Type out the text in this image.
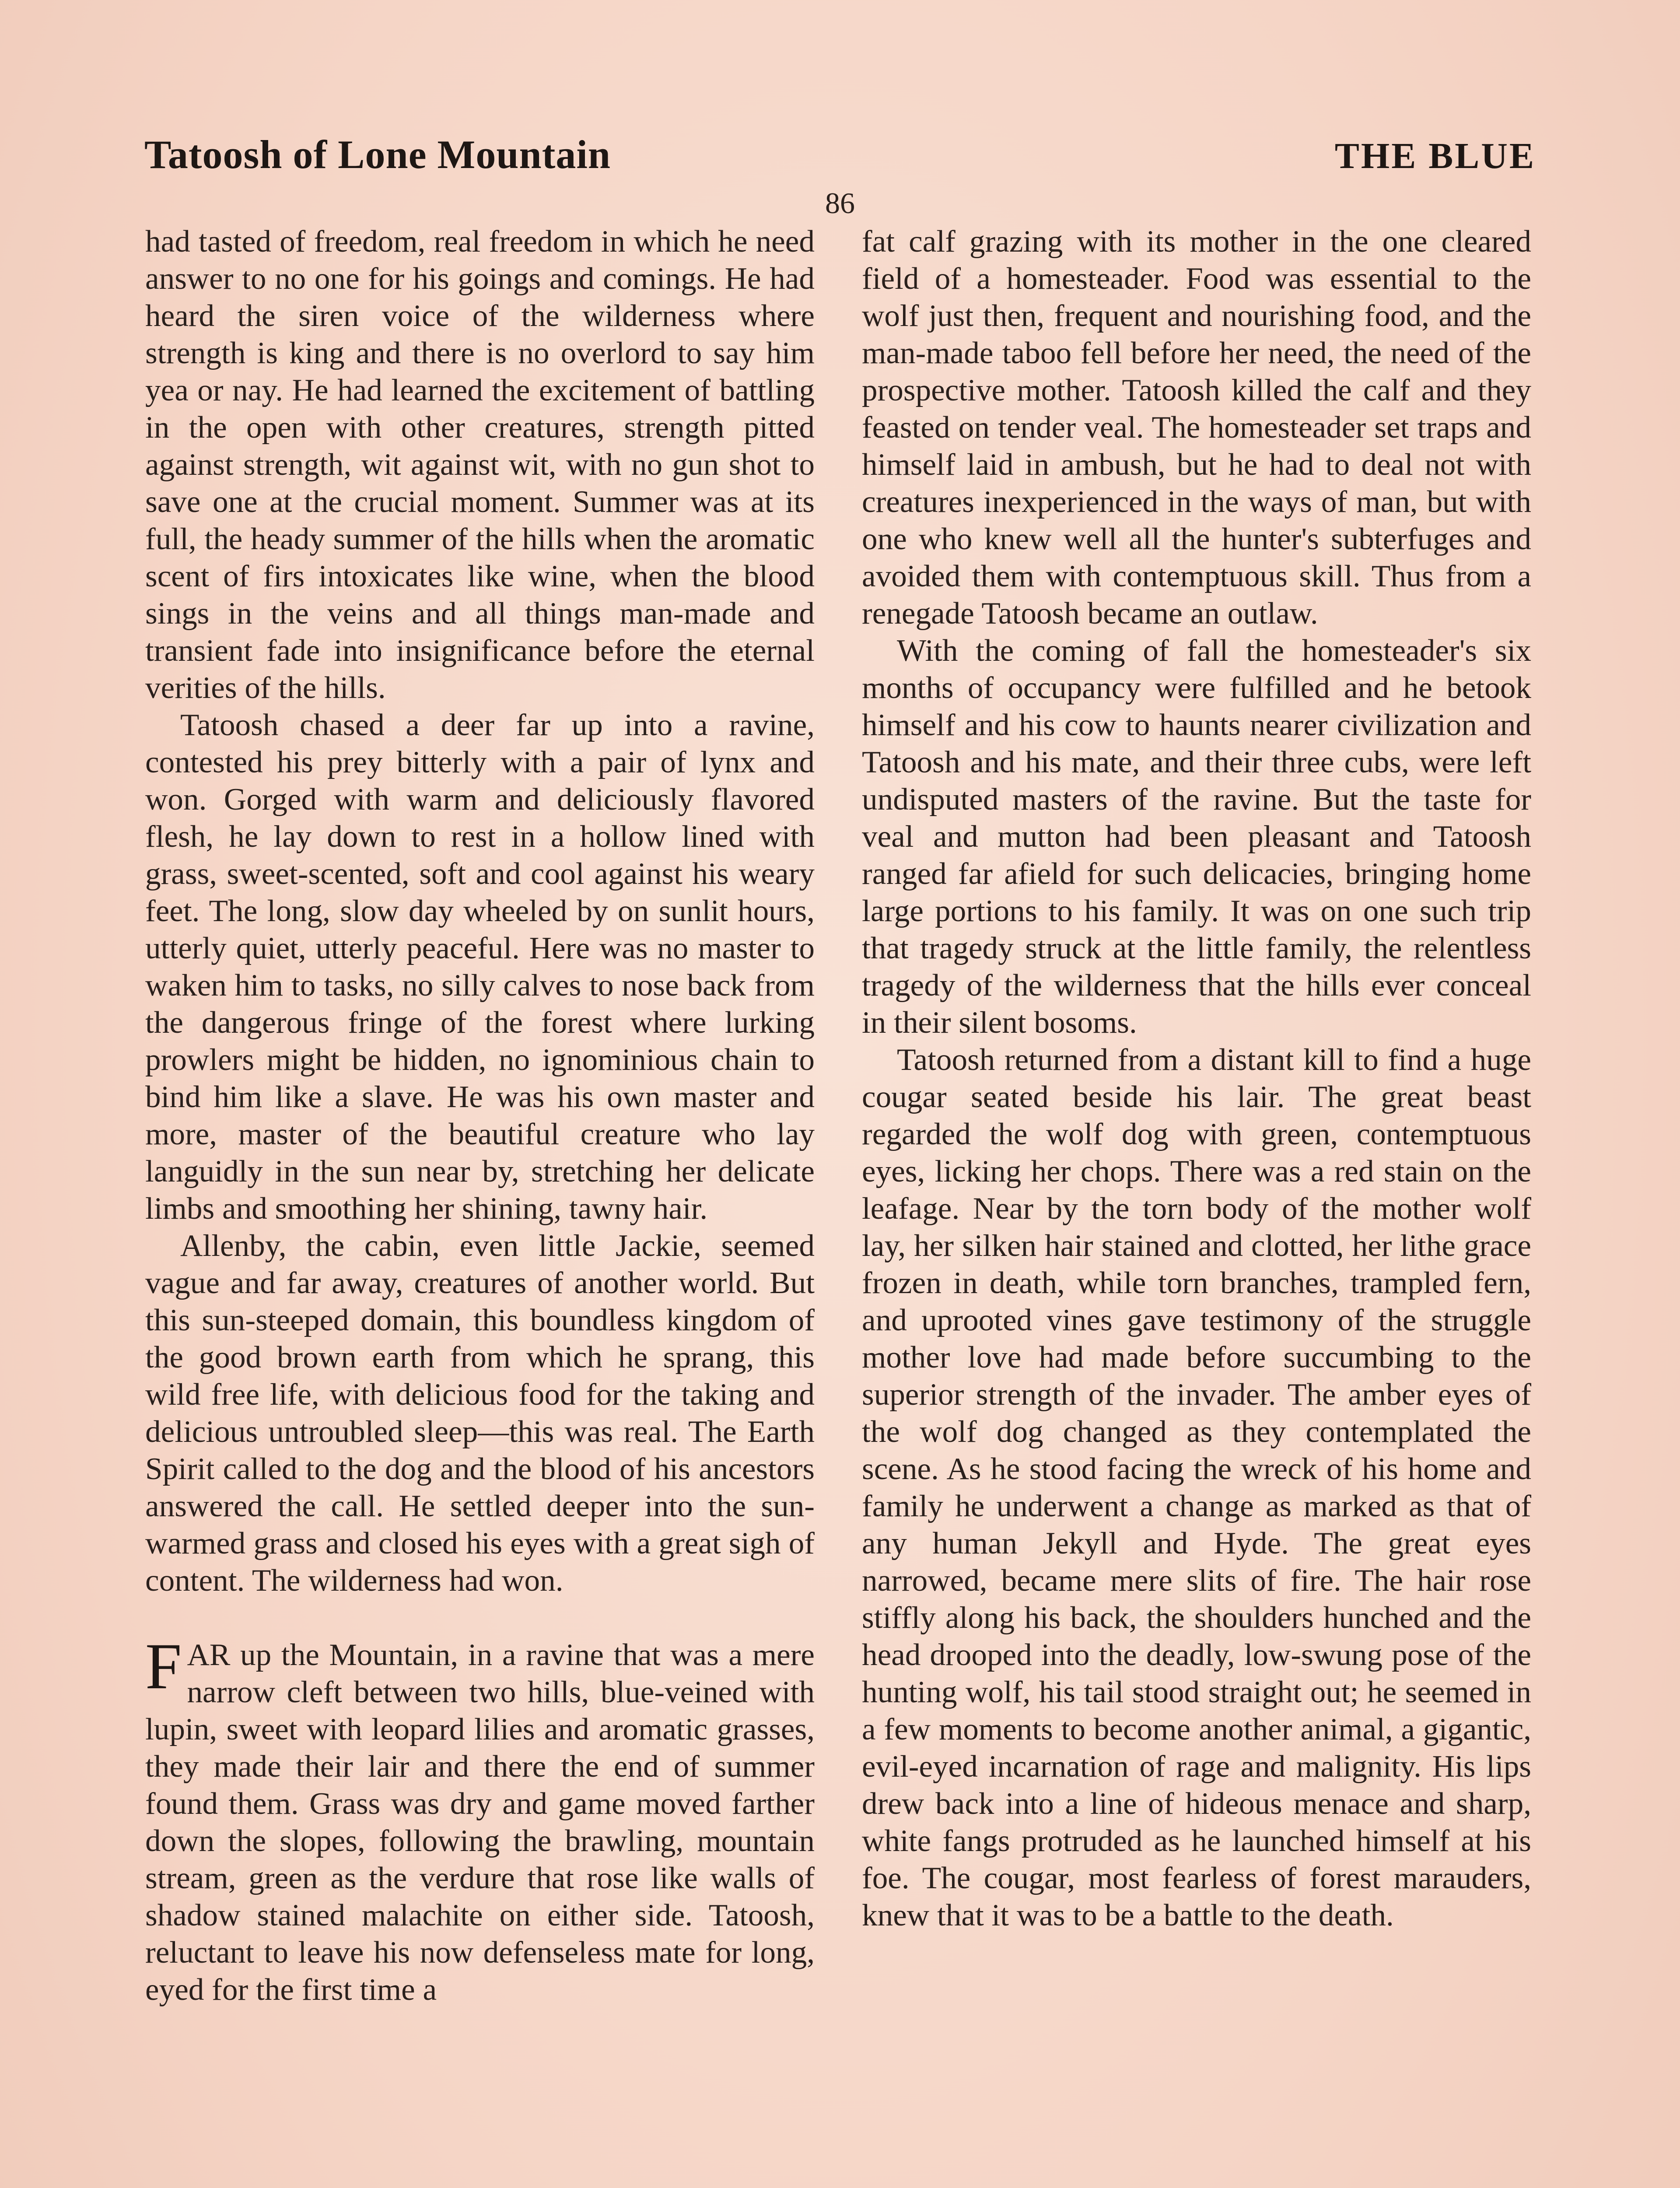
Tatoosh of Lone Mountain	THE BLUE
86

had tasted of freedom, real freedom in which he need answer to no one for his goings and comings. He had heard the siren voice of the wilderness where strength is king and there is no overlord to say him yea or nay. He had learned the excitement of battling in the open with other creatures, strength pitted against strength, wit against wit, with no gun shot to save one at the crucial moment. Summer was at its full, the heady summer of the hills when the aromatic scent of firs intoxicates like wine, when the blood sings in the veins and all things man-made and transient fade into insignificance before the eternal verities of the hills.

Tatoosh chased a deer far up into a ravine, contested his prey bitterly with a pair of lynx and won. Gorged with warm and deliciously flavored flesh, he lay down to rest in a hollow lined with grass, sweet-scented, soft and cool against his weary feet. The long, slow day wheeled by on sunlit hours, utterly quiet, utterly peaceful. Here was no master to waken him to tasks, no silly calves to nose back from the dangerous fringe of the forest where lurking prowlers might be hidden, no ignominious chain to bind him like a slave. He was his own master and more, master of the beautiful creature who lay languidly in the sun near by, stretching her delicate limbs and smoothing her shining, tawny hair.

Allenby, the cabin, even little Jackie, seemed vague and far away, creatures of another world. But this sun-steeped domain, this boundless kingdom of the good brown earth from which he sprang, this wild free life, with delicious food for the taking and delicious untroubled sleep—this was real. The Earth Spirit called to the dog and the blood of his ancestors answered the call. He settled deeper into the sun-warmed grass and closed his eyes with a great sigh of content. The wilderness had won.

FAR up the Mountain, in a ravine that was a mere narrow cleft between two hills, blue-veined with lupin, sweet with leopard lilies and aromatic grasses, they made their lair and there the end of summer found them. Grass was dry and game moved farther down the slopes, following the brawling, mountain stream, green as the verdure that rose like walls of shadow stained malachite on either side. Tatoosh, reluctant to leave his now defenseless mate for long, eyed for the first time a

fat calf grazing with its mother in the one cleared field of a homesteader. Food was essential to the wolf just then, frequent and nourishing food, and the man-made taboo fell before her need, the need of the prospective mother. Tatoosh killed the calf and they feasted on tender veal. The homesteader set traps and himself laid in ambush, but he had to deal not with creatures inexperienced in the ways of man, but with one who knew well all the hunter's subterfuges and avoided them with contemptuous skill. Thus from a renegade Tatoosh became an outlaw.

With the coming of fall the homesteader's six months of occupancy were fulfilled and he betook himself and his cow to haunts nearer civilization and Tatoosh and his mate, and their three cubs, were left undisputed masters of the ravine. But the taste for veal and mutton had been pleasant and Tatoosh ranged far afield for such delicacies, bringing home large portions to his family. It was on one such trip that tragedy struck at the little family, the relentless tragedy of the wilderness that the hills ever conceal in their silent bosoms.

Tatoosh returned from a distant kill to find a huge cougar seated beside his lair. The great beast regarded the wolf dog with green, contemptuous eyes, licking her chops. There was a red stain on the leafage. Near by the torn body of the mother wolf lay, her silken hair stained and clotted, her lithe grace frozen in death, while torn branches, trampled fern, and uprooted vines gave testimony of the struggle mother love had made before succumbing to the superior strength of the invader. The amber eyes of the wolf dog changed as they contemplated the scene. As he stood facing the wreck of his home and family he underwent a change as marked as that of any human Jekyll and Hyde. The great eyes narrowed, became mere slits of fire. The hair rose stiffly along his back, the shoulders hunched and the head drooped into the deadly, low-swung pose of the hunting wolf, his tail stood straight out; he seemed in a few moments to become another animal, a gigantic, evil-eyed incarnation of rage and malignity. His lips drew back into a line of hideous menace and sharp, white fangs protruded as he launched himself at his foe. The cougar, most fearless of forest marauders, knew that it was to be a battle to the death.
